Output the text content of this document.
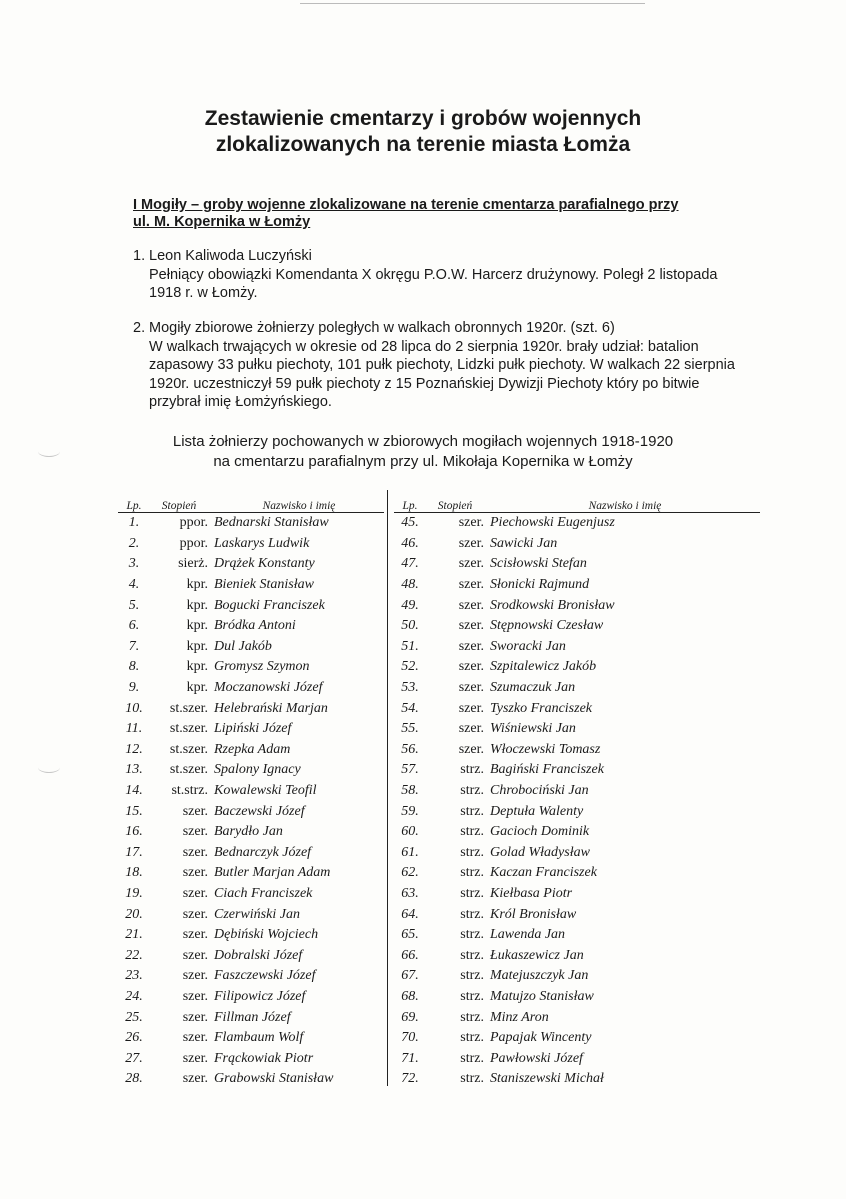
Zestawienie cmentarzy i grobów wojennych
zlokalizowanych na terenie miasta Łomża
I Mogiły – groby wojenne zlokalizowane na terenie cmentarza parafialnego przy
ul. M. Kopernika w Łomży
1. Leon Kaliwoda Luczyński
Pełniący obowiązki Komendanta X okręgu P.O.W. Harcerz drużynowy. Poległ 2 listopada 1918 r. w Łomży.
2. Mogiły zbiorowe żołnierzy poległych w walkach obronnych 1920r. (szt. 6)
W walkach trwających w okresie od 28 lipca do 2 sierpnia 1920r. brały udział: batalion zapasowy 33 pułku piechoty, 101 pułk piechoty, Lidzki pułk piechoty. W walkach 22 sierpnia 1920r. uczestniczył 59 pułk piechoty z 15 Poznańskiej Dywizji Piechoty który po bitwie przybrał imię Łomżyńskiego.
Lista żołnierzy pochowanych w zbiorowych mogiłach wojennych 1918-1920
na cmentarzu parafialnym przy ul. Mikołaja Kopernika w Łomży
Lp.	Stopień	Nazwisko i imię
1.	ppor.	Bednarski Stanisław
2.	ppor.	Laskarys Ludwik
3.	sierż.	Drążek Konstanty
4.	kpr.	Bieniek Stanisław
5.	kpr.	Bogucki Franciszek
6.	kpr.	Bródka Antoni
7.	kpr.	Dul Jakób
8.	kpr.	Gromysz Szymon
9.	kpr.	Moczanowski Józef
10.	st.szer.	Helebrański Marjan
11.	st.szer.	Lipiński Józef
12.	st.szer.	Rzepka Adam
13.	st.szer.	Spalony Ignacy
14.	st.strz.	Kowalewski Teofil
15.	szer.	Baczewski Józef
16.	szer.	Barydło Jan
17.	szer.	Bednarczyk Józef
18.	szer.	Butler Marjan Adam
19.	szer.	Ciach Franciszek
20.	szer.	Czerwiński Jan
21.	szer.	Dębiński Wojciech
22.	szer.	Dobralski Józef
23.	szer.	Faszczewski Józef
24.	szer.	Filipowicz Józef
25.	szer.	Fillman Józef
26.	szer.	Flambaum Wolf
27.	szer.	Frąckowiak Piotr
28.	szer.	Grabowski Stanisław
Lp.	Stopień	Nazwisko i imię
45.	szer.	Piechowski Eugenjusz
46.	szer.	Sawicki Jan
47.	szer.	Scisłowski Stefan
48.	szer.	Słonicki Rajmund
49.	szer.	Srodkowski Bronisław
50.	szer.	Stępnowski Czesław
51.	szer.	Sworacki Jan
52.	szer.	Szpitalewicz Jakób
53.	szer.	Szumaczuk Jan
54.	szer.	Tyszko Franciszek
55.	szer.	Wiśniewski Jan
56.	szer.	Włoczewski Tomasz
57.	strz.	Bagiński Franciszek
58.	strz.	Chrobociński Jan
59.	strz.	Deptuła Walenty
60.	strz.	Gacioch Dominik
61.	strz.	Golad Władysław
62.	strz.	Kaczan Franciszek
63.	strz.	Kiełbasa Piotr
64.	strz.	Król Bronisław
65.	strz.	Lawenda Jan
66.	strz.	Łukaszewicz Jan
67.	strz.	Matejuszczyk Jan
68.	strz.	Matujzo Stanisław
69.	strz.	Minz Aron
70.	strz.	Papajak Wincenty
71.	strz.	Pawłowski Józef
72.	strz.	Staniszewski Michał
